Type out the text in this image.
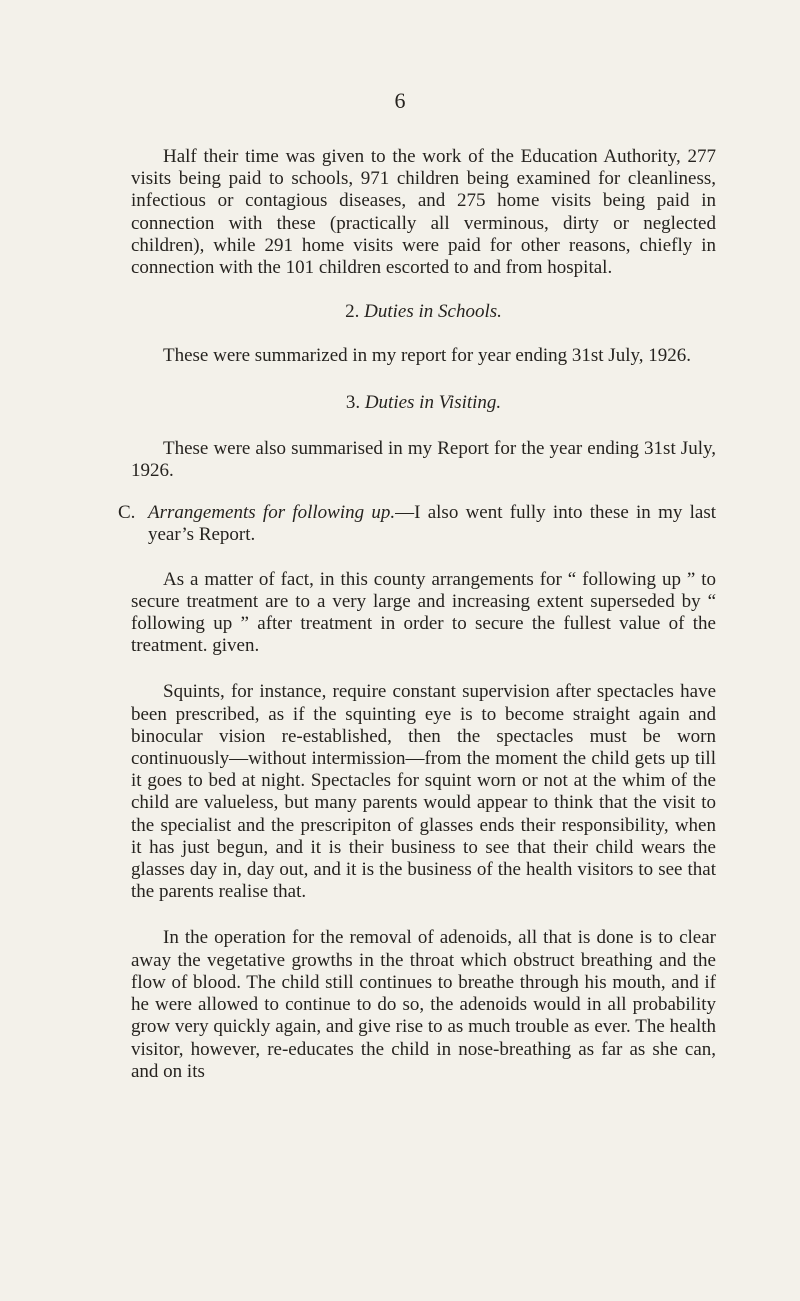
6

Half their time was given to the work of the Education Authority, 277 visits being paid to schools, 971 children being examined for cleanliness, infectious or contagious diseases, and 275 home visits being paid in connection with these (practically all verminous, dirty or neglected children), while 291 home visits were paid for other reasons, chiefly in connection with the 101 children escorted to and from hospital.

2. Duties in Schools.

These were summarized in my report for year ending 31st July, 1926.

3. Duties in Visiting.

These were also summarised in my Report for the year ending 31st July, 1926.

C. Arrangements for following up.—I also went fully into these in my last year’s Report.

As a matter of fact, in this county arrangements for “ following up ” to secure treatment are to a very large and increasing extent superseded by “ following up ” after treatment in order to secure the fullest value of the treatment. given.

Squints, for instance, require constant supervision after spectacles have been prescribed, as if the squinting eye is to become straight again and binocular vision re-established, then the spectacles must be worn continuously—without intermission—from the moment the child gets up till it goes to bed at night. Spectacles for squint worn or not at the whim of the child are valueless, but many parents would appear to think that the visit to the specialist and the prescripiton of glasses ends their responsibility, when it has just begun, and it is their business to see that their child wears the glasses day in, day out, and it is the business of the health visitors to see that the parents realise that.

In the operation for the removal of adenoids, all that is done is to clear away the vegetative growths in the throat which obstruct breathing and the flow of blood. The child still continues to breathe through his mouth, and if he were allowed to continue to do so, the adenoids would in all probability grow very quickly again, and give rise to as much trouble as ever. The health visitor, however, re-educates the child in nose-breathing as far as she can, and on its
